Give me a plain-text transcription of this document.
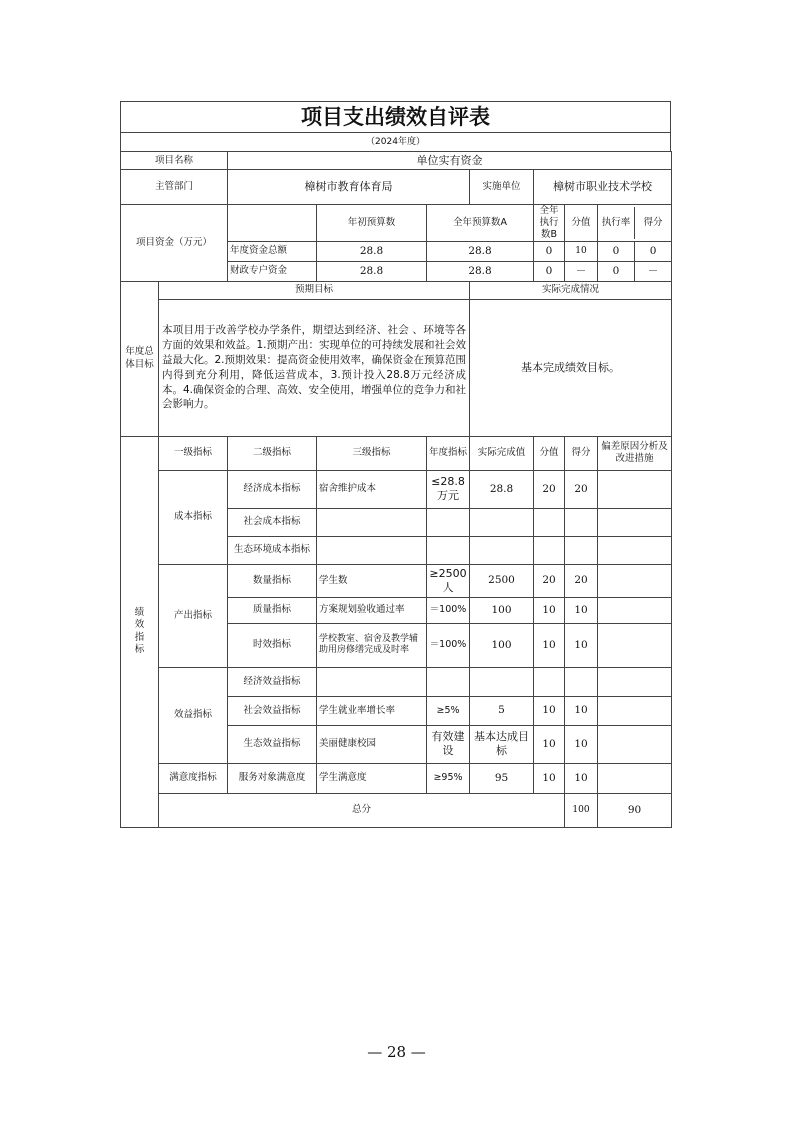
项目支出绩效自评表
（2024年度）
项目名称		单位实有资金							
主管部门		樟树市教育体育局			实施单位	樟树市职业技术学校			
项目资金（万元）			年初预算数	全年预算数A		全年执行数B	分值	执行率 得分	

		年度资金总额	28.8	28.8		0	10	0 0	

		财政专户资金	28.8	28.8		0	－	0 －	

年度总体目标	预期目标				实际完成情况				
	本项目用于改善学校办学条件，期望达到经济、社会 、环境等各方面的效果和效益。1.预期产出：实现单位的可持续发展和社会效益最大化。2.预期效果：提高资金使用效率，确保资金在预算范围内得到充分利用，降低运营成本，3.预计投入28.8万元经济成本。4.确保资金的合理、高效、安全使用，增强单位的竞争力和社会影响力。				基本完成绩效目标。				
绩效指标	一级指标	二级指标	三级指标	年度指标	实际完成值	分值	得分	偏差原因分析及改进措施	
	成本指标	经济成本指标	宿舍维护成本	≤28.8万元	28.8	20	20		
		社会成本指标							
		生态环境成本指标							
	产出指标	数量指标	学生数	≥2500人	2500	20	20		
		质量指标	方案规划验收通过率	＝100%	100	10	10		
		时效指标	学校教室、宿舍及教学辅助用房修缮完成及时率	＝100%	100	10	10		
	效益指标	经济效益指标							
		社会效益指标	学生就业率增长率	≥5%	5	10	10		
		生态效益指标	美丽健康校园	有效建设	基本达成目标	10	10		
	满意度指标	服务对象满意度	学生满意度	≥95%	95	10	10		
	总分						100	90	
— 28 —
